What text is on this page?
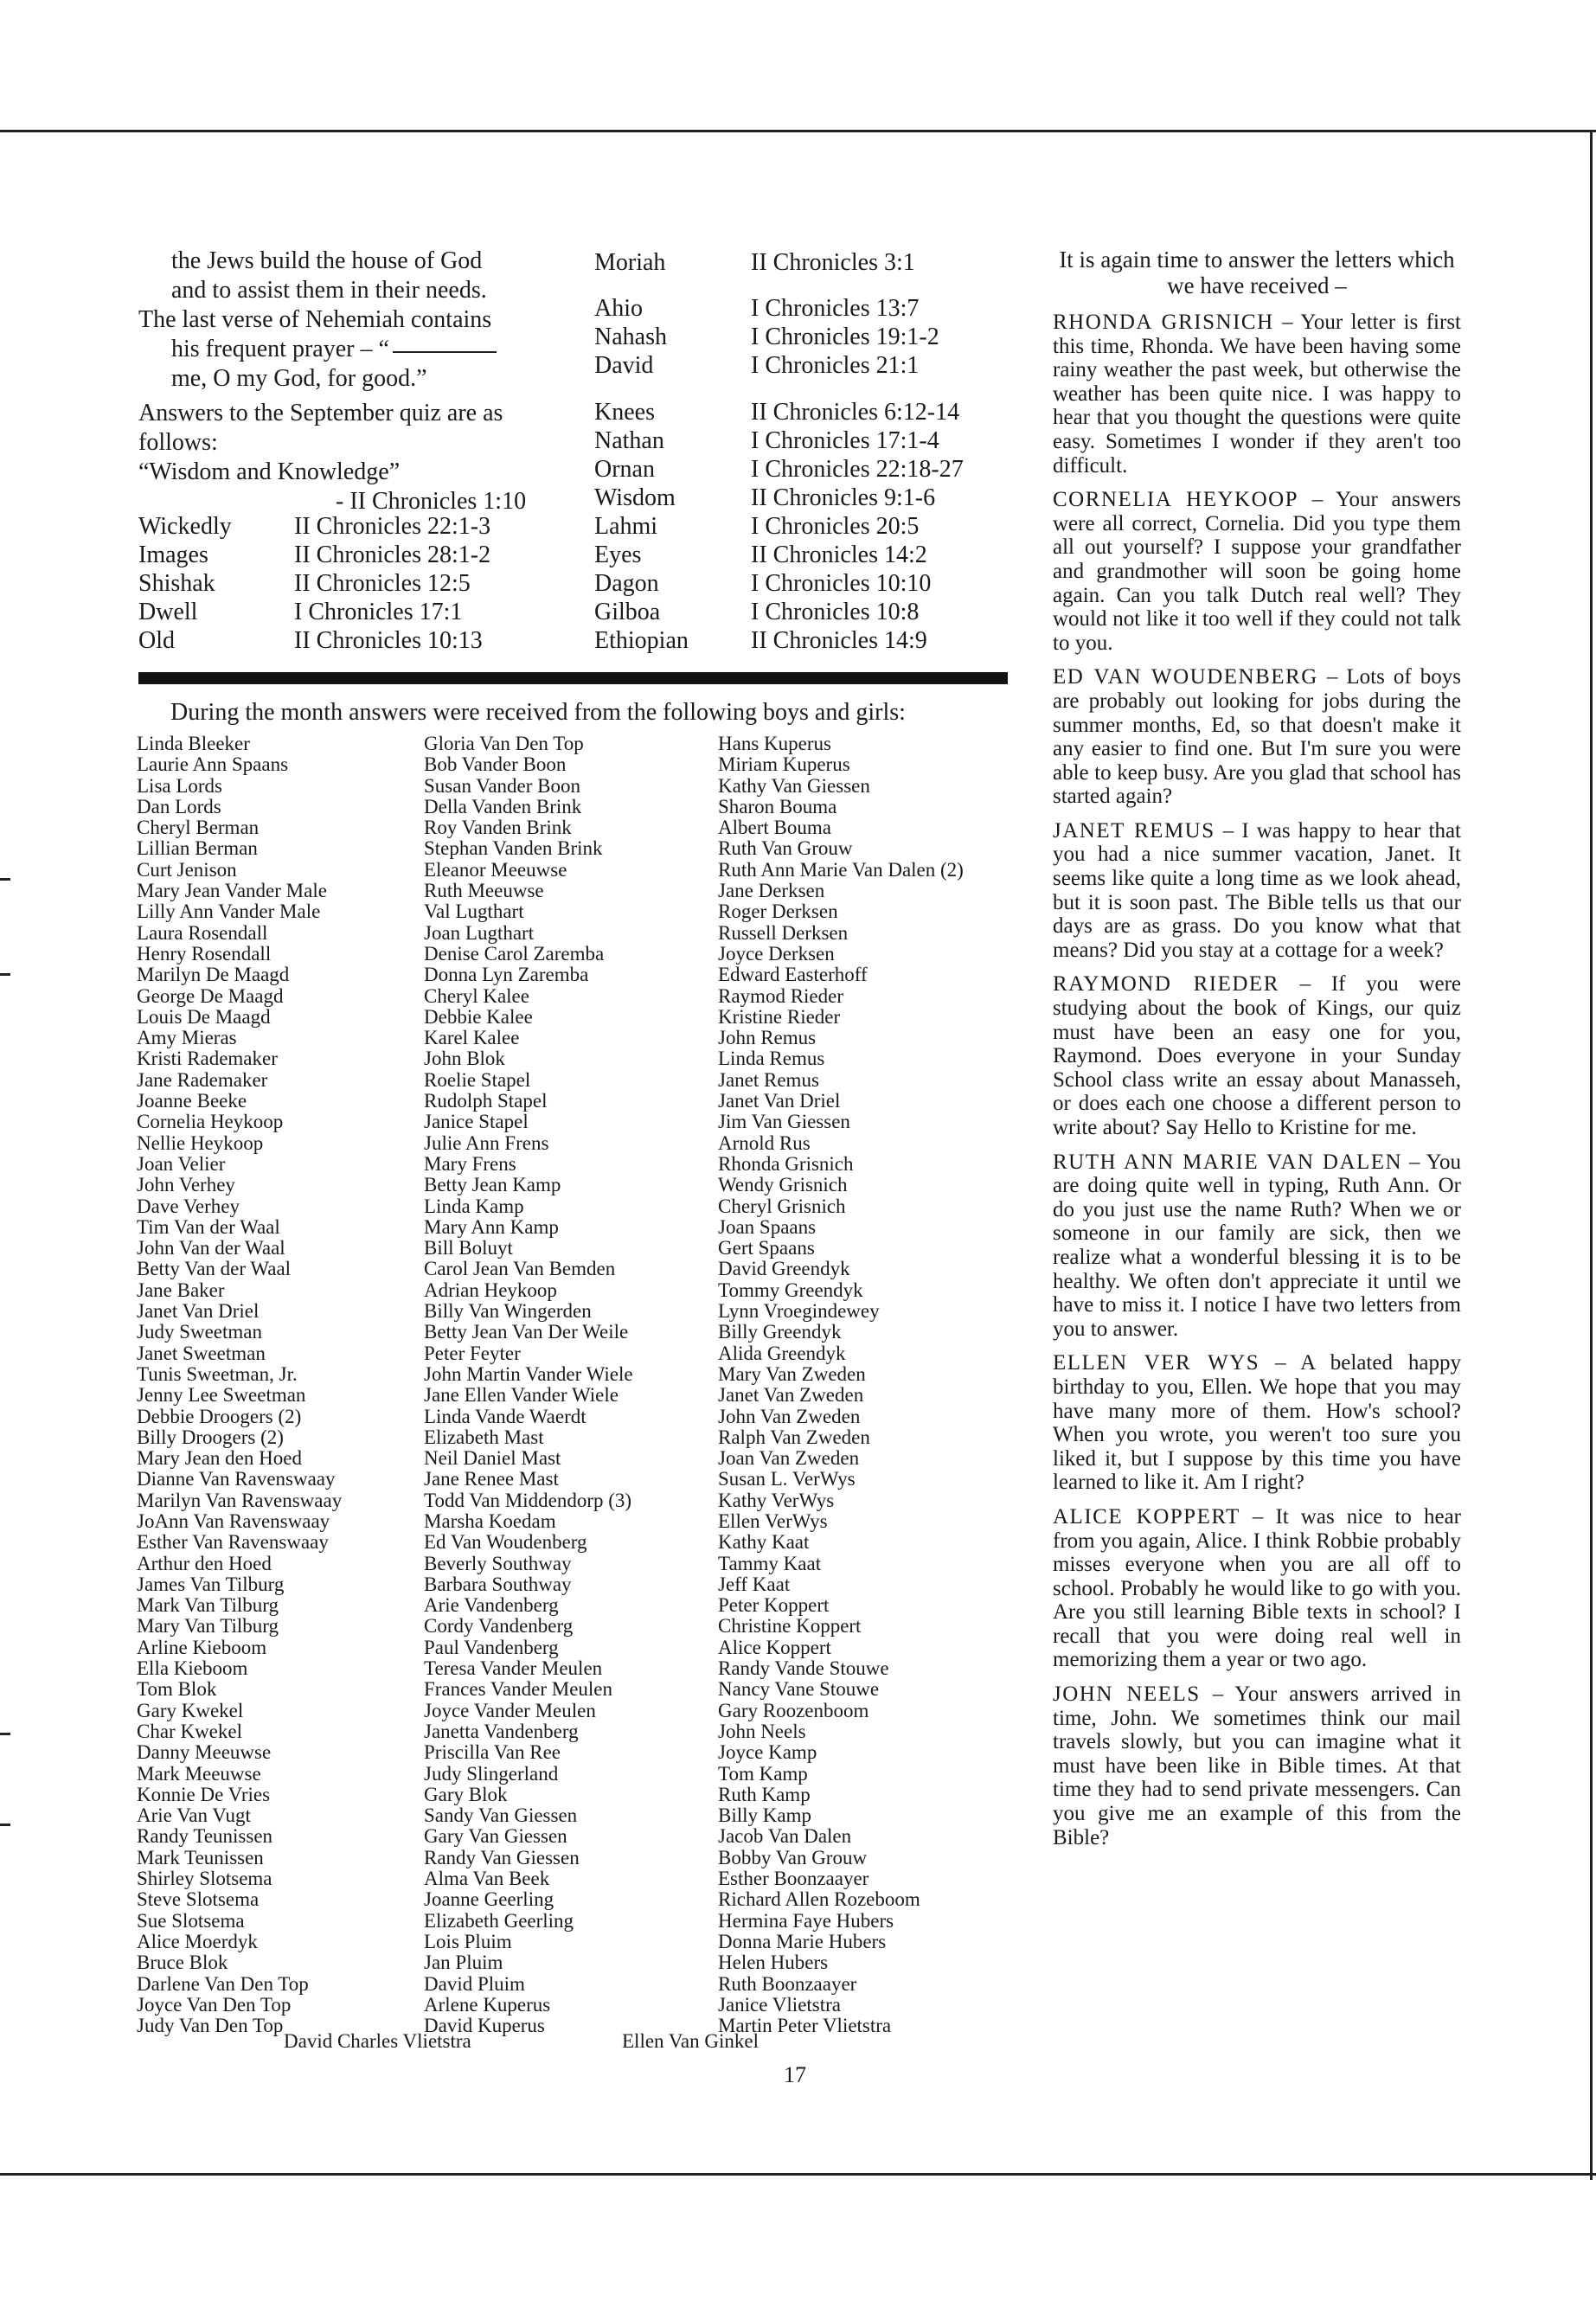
the Jews build the house of God
and to assist them in their needs.
The last verse of Nehemiah contains
his frequent prayer – “
me, O my God, for good.”
Answers to the September quiz are as
follows:
“Wisdom and Knowledge”
- II Chronicles 1:10
Wickedly	II Chronicles 22:1-3
Images	II Chronicles 28:1-2
Shishak	II Chronicles 12:5
Dwell	I Chronicles 17:1
Old	II Chronicles 10:13
Moriah	II Chronicles 3:1
Ahio	I Chronicles 13:7
Nahash	I Chronicles 19:1-2
David	I Chronicles 21:1
Knees	II Chronicles 6:12-14
Nathan	I Chronicles 17:1-4
Ornan	I Chronicles 22:18-27
Wisdom	II Chronicles 9:1-6
Lahmi	I Chronicles 20:5
Eyes	II Chronicles 14:2
Dagon	I Chronicles 10:10
Gilboa	I Chronicles 10:8
Ethiopian	II Chronicles 14:9
During the month answers were received from the following boys and girls:
Linda Bleeker
Laurie Ann Spaans
Lisa Lords
Dan Lords
Cheryl Berman
Lillian Berman
Curt Jenison
Mary Jean Vander Male
Lilly Ann Vander Male
Laura Rosendall
Henry Rosendall
Marilyn De Maagd
George De Maagd
Louis De Maagd
Amy Mieras
Kristi Rademaker
Jane Rademaker
Joanne Beeke
Cornelia Heykoop
Nellie Heykoop
Joan Velier
John Verhey
Dave Verhey
Tim Van der Waal
John Van der Waal
Betty Van der Waal
Jane Baker
Janet Van Driel
Judy Sweetman
Janet Sweetman
Tunis Sweetman, Jr.
Jenny Lee Sweetman
Debbie Droogers (2)
Billy Droogers (2)
Mary Jean den Hoed
Dianne Van Ravenswaay
Marilyn Van Ravenswaay
JoAnn Van Ravenswaay
Esther Van Ravenswaay
Arthur den Hoed
James Van Tilburg
Mark Van Tilburg
Mary Van Tilburg
Arline Kieboom
Ella Kieboom
Tom Blok
Gary Kwekel
Char Kwekel
Danny Meeuwse
Mark Meeuwse
Konnie De Vries
Arie Van Vugt
Randy Teunissen
Mark Teunissen
Shirley Slotsema
Steve Slotsema
Sue Slotsema
Alice Moerdyk
Bruce Blok
Darlene Van Den Top
Joyce Van Den Top
Judy Van Den Top
Gloria Van Den Top
Bob Vander Boon
Susan Vander Boon
Della Vanden Brink
Roy Vanden Brink
Stephan Vanden Brink
Eleanor Meeuwse
Ruth Meeuwse
Val Lugthart
Joan Lugthart
Denise Carol Zaremba
Donna Lyn Zaremba
Cheryl Kalee
Debbie Kalee
Karel Kalee
John Blok
Roelie Stapel
Rudolph Stapel
Janice Stapel
Julie Ann Frens
Mary Frens
Betty Jean Kamp
Linda Kamp
Mary Ann Kamp
Bill Boluyt
Carol Jean Van Bemden
Adrian Heykoop
Billy Van Wingerden
Betty Jean Van Der Weile
Peter Feyter
John Martin Vander Wiele
Jane Ellen Vander Wiele
Linda Vande Waerdt
Elizabeth Mast
Neil Daniel Mast
Jane Renee Mast
Todd Van Middendorp (3)
Marsha Koedam
Ed Van Woudenberg
Beverly Southway
Barbara Southway
Arie Vandenberg
Cordy Vandenberg
Paul Vandenberg
Teresa Vander Meulen
Frances Vander Meulen
Joyce Vander Meulen
Janetta Vandenberg
Priscilla Van Ree
Judy Slingerland
Gary Blok
Sandy Van Giessen
Gary Van Giessen
Randy Van Giessen
Alma Van Beek
Joanne Geerling
Elizabeth Geerling
Lois Pluim
Jan Pluim
David Pluim
Arlene Kuperus
David Kuperus
Hans Kuperus
Miriam Kuperus
Kathy Van Giessen
Sharon Bouma
Albert Bouma
Ruth Van Grouw
Ruth Ann Marie Van Dalen (2)
Jane Derksen
Roger Derksen
Russell Derksen
Joyce Derksen
Edward Easterhoff
Raymod Rieder
Kristine Rieder
John Remus
Linda Remus
Janet Remus
Janet Van Driel
Jim Van Giessen
Arnold Rus
Rhonda Grisnich
Wendy Grisnich
Cheryl Grisnich
Joan Spaans
Gert Spaans
David Greendyk
Tommy Greendyk
Lynn Vroegindewey
Billy Greendyk
Alida Greendyk
Mary Van Zweden
Janet Van Zweden
John Van Zweden
Ralph Van Zweden
Joan Van Zweden
Susan L. VerWys
Kathy VerWys
Ellen VerWys
Kathy Kaat
Tammy Kaat
Jeff Kaat
Peter Koppert
Christine Koppert
Alice Koppert
Randy Vande Stouwe
Nancy Vane Stouwe
Gary Roozenboom
John Neels
Joyce Kamp
Tom Kamp
Ruth Kamp
Billy Kamp
Jacob Van Dalen
Bobby Van Grouw
Esther Boonzaayer
Richard Allen Rozeboom
Hermina Faye Hubers
Donna Marie Hubers
Helen Hubers
Ruth Boonzaayer
Janice Vlietstra
Martin Peter Vlietstra
David Charles Vlietstra	Ellen Van Ginkel
17
It is again time to answer the letters which we have received –

RHONDA GRISNICH – Your letter is first this time, Rhonda. We have been having some rainy weather the past week, but otherwise the weather has been quite nice. I was happy to hear that you thought the questions were quite easy. Sometimes I wonder if they aren't too difficult.

CORNELIA HEYKOOP – Your answers were all correct, Cornelia. Did you type them all out yourself? I suppose your grandfather and grandmother will soon be going home again. Can you talk Dutch real well? They would not like it too well if they could not talk to you.

ED VAN WOUDENBERG – Lots of boys are probably out looking for jobs during the summer months, Ed, so that doesn't make it any easier to find one. But I'm sure you were able to keep busy. Are you glad that school has started again?

JANET REMUS – I was happy to hear that you had a nice summer vacation, Janet. It seems like quite a long time as we look ahead, but it is soon past. The Bible tells us that our days are as grass. Do you know what that means? Did you stay at a cottage for a week?

RAYMOND RIEDER – If you were studying about the book of Kings, our quiz must have been an easy one for you, Raymond. Does everyone in your Sunday School class write an essay about Manasseh, or does each one choose a different person to write about? Say Hello to Kristine for me.

RUTH ANN MARIE VAN DALEN – You are doing quite well in typing, Ruth Ann. Or do you just use the name Ruth? When we or someone in our family are sick, then we realize what a wonderful blessing it is to be healthy. We often don't appreciate it until we have to miss it. I notice I have two letters from you to answer.

ELLEN VER WYS – A belated happy birthday to you, Ellen. We hope that you may have many more of them. How's school? When you wrote, you weren't too sure you liked it, but I suppose by this time you have learned to like it. Am I right?

ALICE KOPPERT – It was nice to hear from you again, Alice. I think Robbie probably misses everyone when you are all off to school. Probably he would like to go with you. Are you still learning Bible texts in school? I recall that you were doing real well in memorizing them a year or two ago.

JOHN NEELS – Your answers arrived in time, John. We sometimes think our mail travels slowly, but you can imagine what it must have been like in Bible times. At that time they had to send private messengers. Can you give me an example of this from the Bible?
